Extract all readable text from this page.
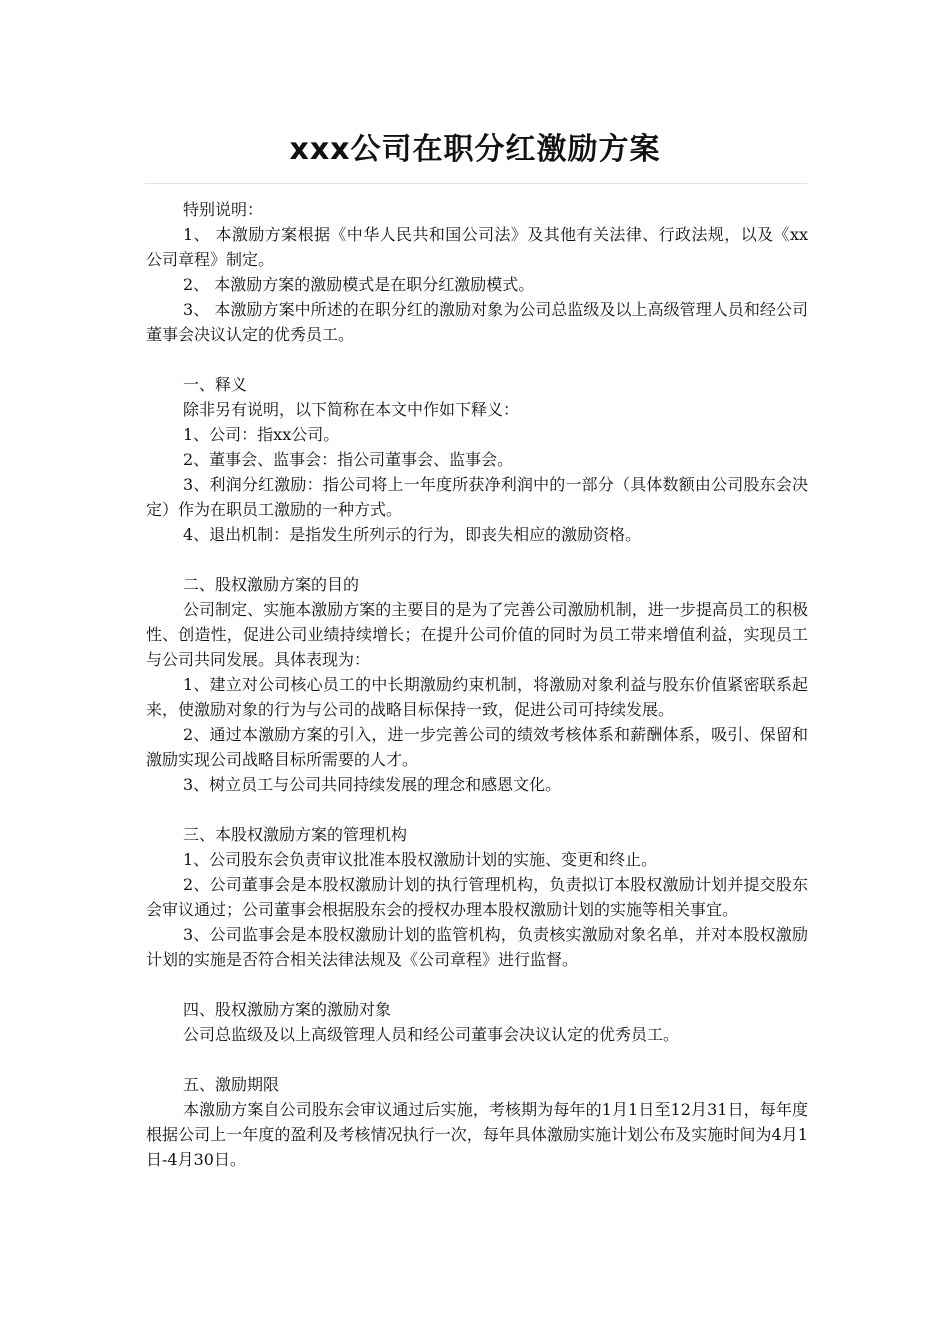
xxx公司在职分红激励方案

特别说明：

1、 本激励方案根据《中华人民共和国公司法》及其他有关法律、行政法规，以及《xx公司章程》制定。

2、 本激励方案的激励模式是在职分红激励模式。

3、 本激励方案中所述的在职分红的激励对象为公司总监级及以上高级管理人员和经公司董事会决议认定的优秀员工。

一、释义

除非另有说明，以下简称在本文中作如下释义：

1、公司：指xx公司。

2、董事会、监事会：指公司董事会、监事会。

3、利润分红激励：指公司将上一年度所获净利润中的一部分（具体数额由公司股东会决定）作为在职员工激励的一种方式。

4、退出机制：是指发生所列示的行为，即丧失相应的激励资格。

二、股权激励方案的目的

公司制定、实施本激励方案的主要目的是为了完善公司激励机制，进一步提高员工的积极性、创造性，促进公司业绩持续增长；在提升公司价值的同时为员工带来增值利益，实现员工与公司共同发展。具体表现为：

1、建立对公司核心员工的中长期激励约束机制，将激励对象利益与股东价值紧密联系起来，使激励对象的行为与公司的战略目标保持一致，促进公司可持续发展。

2、通过本激励方案的引入，进一步完善公司的绩效考核体系和薪酬体系，吸引、保留和激励实现公司战略目标所需要的人才。

3、树立员工与公司共同持续发展的理念和感恩文化。

三、本股权激励方案的管理机构

1、公司股东会负责审议批准本股权激励计划的实施、变更和终止。

2、公司董事会是本股权激励计划的执行管理机构，负责拟订本股权激励计划并提交股东会审议通过；公司董事会根据股东会的授权办理本股权激励计划的实施等相关事宜。

3、公司监事会是本股权激励计划的监管机构，负责核实激励对象名单，并对本股权激励计划的实施是否符合相关法律法规及《公司章程》进行监督。

四、股权激励方案的激励对象

公司总监级及以上高级管理人员和经公司董事会决议认定的优秀员工。

五、激励期限

本激励方案自公司股东会审议通过后实施，考核期为每年的1月1日至12月31日，每年度根据公司上一年度的盈利及考核情况执行一次，每年具体激励实施计划公布及实施时间为4月1日-4月30日。
